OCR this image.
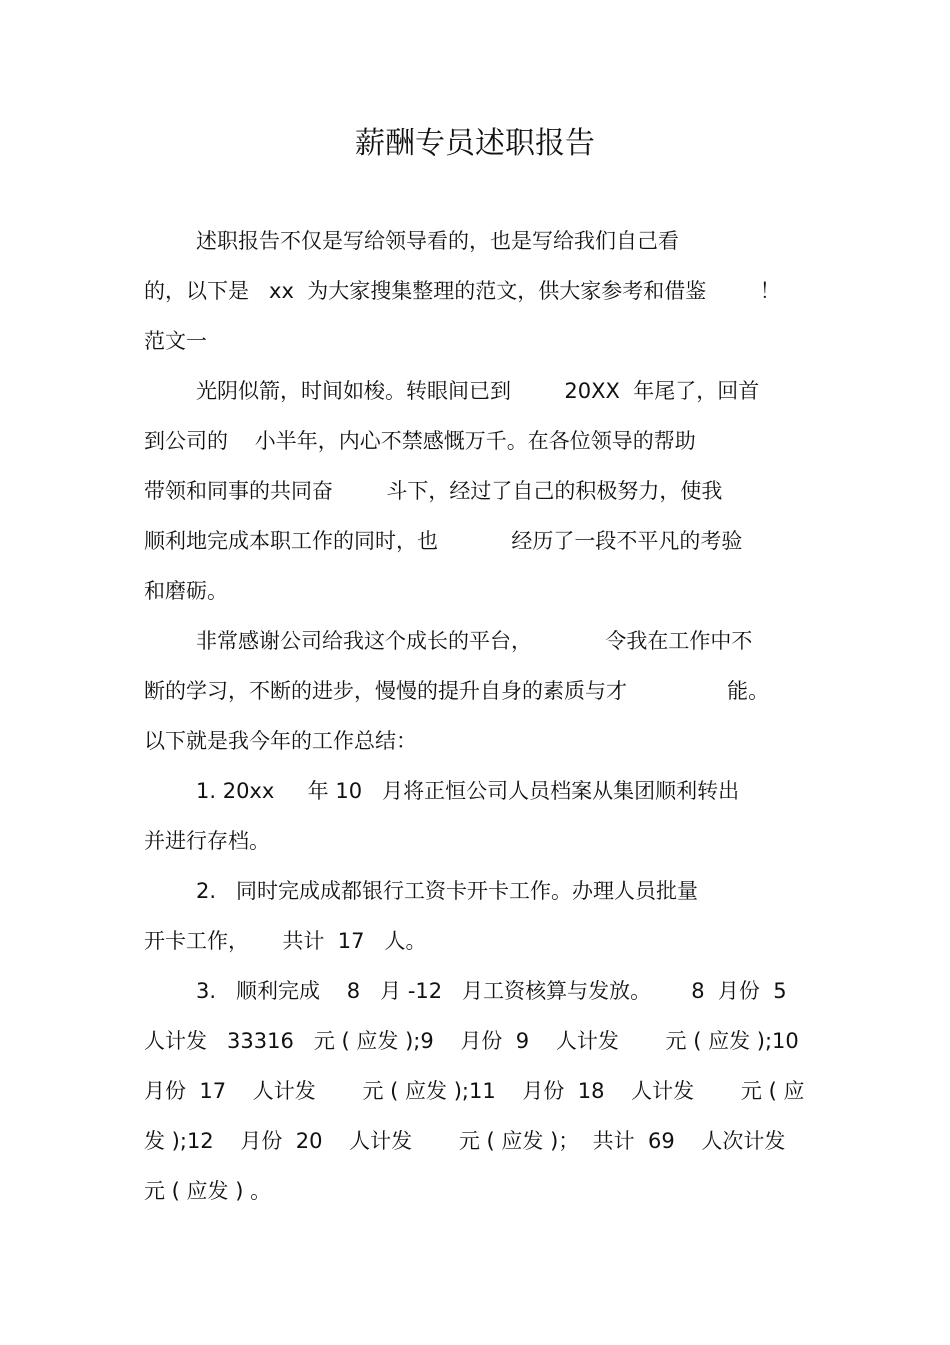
薪酬专员述职报告
述职报告不仅是写给领导看的，也是写给我们自己看
的，以下是   xx  为大家搜集整理的范文，供大家参考和借鉴        ！
范文一
光阴似箭，时间如梭。转眼间已到        20XX  年尾了，回首
到公司的    小半年，内心不禁感慨万千。在各位领导的帮助
带领和同事的共同奋        斗下，经过了自己的积极努力，使我
顺利地完成本职工作的同时，也           经历了一段不平凡的考验
和磨砺。
非常感谢公司给我这个成长的平台，           令我在工作中不
断的学习，不断的进步，慢慢的提升自身的素质与才               能。
以下就是我今年的工作总结：
1. 20xx     年 10   月将正恒公司人员档案从集团顺利转出
并进行存档。
2.   同时完成成都银行工资卡开卡工作。办理人员批量
开卡工作，     共计  17   人。
3.   顺利完成    8   月 -12   月工资核算与发放。      8  月份  5
人计发   33316   元 ( 应发 );9    月份  9    人计发       元 ( 应发 );10
月份  17    人计发       元 ( 应发 );11    月份  18    人计发       元 ( 应
发 );12    月份  20    人计发       元 ( 应发 )；  共计  69    人次计发
元 ( 应发 ) 。
